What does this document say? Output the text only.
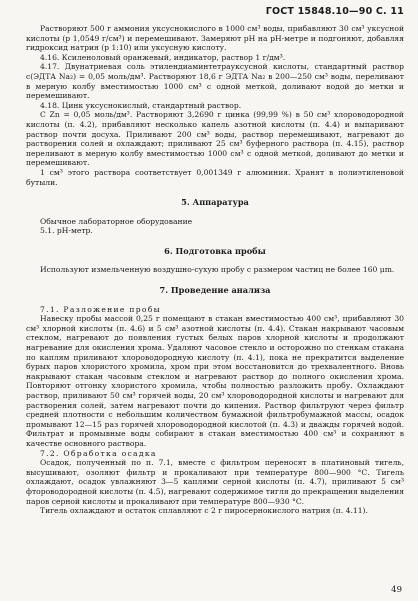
ГОСТ 15848.10—90 С. 11

Растворяют 500 г аммония уксуснокислого в 1000 см³ воды, прибавляют 30 см³ уксусной кислоты (р 1,0549 г/см³) и перемешивают. Замеряют pH на pH-метре и подгоняют, добавляя гидроксид натрия (р 1:10) или уксусную кислоту.

4.16. Ксиленоловый оранжевый, индикатор, раствор 1 г/дм³.

4.17. Двунатриевая соль этилендиаминтетрауксусной кислоты, стандартный раствор с(ЭДТА Na₂) = 0,05 моль/дм³. Растворяют 18,6 г ЭДТА Na₂ в 200—250 см³ воды, переливают в мерную колбу вместимостью 1000 см³ с одной меткой, доливают водой до метки и перемешивают.

4.18. Цинк уксуснокислый, стандартный раствор.

C Zn = 0,05 моль/дм³. Растворяют 3,2690 г цинка (99,99 %) в 50 см³ хлороводородной кислоты (п. 4.2), прибавляют несколько капель азотной кислоты (п. 4.4) и выпаривают раствор почти досуха. Приливают 200 см³ воды, раствор перемешивают, нагревают до растворения солей и охлаждают; приливают 25 см³ буферного раствора (п. 4.15), раствор переливают в мерную колбу вместимостью 1000 см³ с одной меткой, доливают до метки и перемешивают.

1 см³ этого раствора соответствует 0,001349 г алюминия. Хранят в полиэтиленовой бутыли.

5. Аппаратура

Обычное лабораторное оборудование

5.1. pH-метр.

6. Подготовка пробы

Используют измельченную воздушно-сухую пробу с размером частиц не более 160 μm.

7. Проведение анализа

7.1. Разложение пробы

Навеску пробы массой 0,25 г помещают в стакан вместимостью 400 см³, прибавляют 30 см³ хлорной кислоты (п. 4.6) и 5 см³ азотной кислоты (п. 4.4). Стакан накрывают часовым стеклом, нагревают до появления густых белых паров хлорной кислоты и продолжают нагревание для окисления хрома. Удаляют часовое стекло и осторожно по стенкам стакана по каплям приливают хлороводородную кислоту (п. 4.1), пока не прекратится выделение бурых паров хлористого хромила, хром при этом восстановится до трехвалентного. Вновь накрывают стакан часовым стеклом и нагревают раствор до полного окисления хрома. Повторяют отгонку хлористого хромила, чтобы полностью разложить пробу. Охлаждают раствор, приливают 50 см³ горячей воды, 20 см³ хлороводородной кислоты и нагревают для растворения солей, затем нагревают почти до кипения. Раствор фильтруют через фильтр средней плотности с небольшим количеством бумажной фильтробумажной массы, осадок промывают 12—15 раз горячей хлороводородной кислотой (п. 4.3) и дважды горячей водой. Фильтрат и промывные воды собирают в стакан вместимостью 400 см³ и сохраняют в качестве основного раствора.

7.2. Обработка осадка

Осадок, полученный по п. 7.1, вместе с фильтром переносят в платиновый тигель, высушивают, озоляют фильтр и прокаливают при температуре 800—900 °С. Тигель охлаждают, осадок увлажняют 3—5 каплями серной кислоты (п. 4.7), приливают 5 см³ фтороводородной кислоты (п. 4.5), нагревают содержимое тигля до прекращения выделения паров серной кислоты и прокаливают при температуре 800—930 °С.

Тигель охлаждают и остаток сплавляют с 2 г пиросернокислого натрия (п. 4.11).

49
